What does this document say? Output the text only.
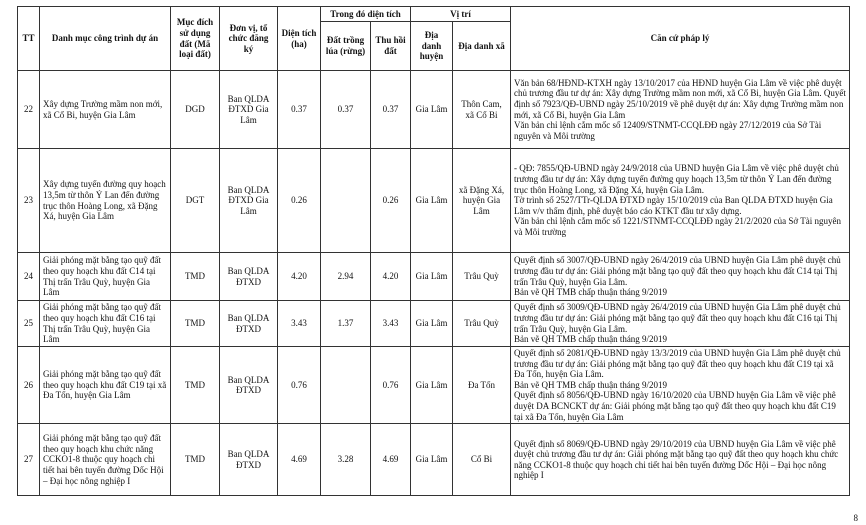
TT	Danh mục công trình dự án	Mục đích sử dụng đất (Mã loại đất)	Đơn vị, tổ chức đăng ký	Diện tích (ha)	Trong đó diện tích		Vị trí		Căn cứ pháp lý
					Đất trồng lúa (rừng)	Thu hồi đất	Địa danh huyện	Địa danh xã	
22	Xây dựng Trường mầm non mới, xã Cổ Bi, huyện Gia Lâm	DGD	Ban QLDA ĐTXD Gia Lâm	0.37	0.37	0.37	Gia Lâm	Thôn Cam, xã Cổ Bi	Văn bản 68/HĐND-KTXH ngày 13/10/2017 của HĐND huyện Gia Lâm về việc phê duyệt chủ trương đầu tư dự án: Xây dựng Trường mầm non mới, xã Cổ Bi, huyện Gia Lâm. Quyết định số 7923/QĐ-UBND ngày 25/10/2019 về phê duyệt dự án: Xây dựng Trường mầm non mới, xã Cổ Bi, huyện Gia Lâm
Văn bản chỉ lệnh cắm mốc số 12409/STNMT-CCQLĐĐ ngày 27/12/2019 của Sở Tài nguyên và Môi trường

23	Xây dựng tuyến đường quy hoạch 13,5m từ thôn Ỷ Lan đến đường trục thôn Hoàng Long, xã Đặng Xá, huyện Gia Lâm	DGT	Ban QLDA ĐTXD Gia Lâm	0.26		0.26	Gia Lâm	xã Đặng Xá, huyện Gia Lâm	- QĐ: 7855/QĐ-UBND ngày 24/9/2018 của UBND huyện Gia Lâm về việc phê duyệt chủ trương đầu tư dự án: Xây dựng tuyến đường quy hoạch 13,5m từ thôn Ỷ Lan đến đường trục thôn Hoàng Long, xã Đặng Xá, huyện Gia Lâm.
Tờ trình số 2527/TTr-QLDA ĐTXD ngày 15/10/2019 của Ban QLDA ĐTXD huyện Gia Lâm v/v thẩm định, phê duyệt báo cáo KTKT đầu tư xây dựng.
Văn bản chỉ lệnh cắm mốc số 1221/STNMT-CCQLĐĐ ngày 21/2/2020 của Sở Tài nguyên và Môi trường

24	Giải phóng mặt bằng tạo quỹ đất theo quy hoạch khu đất C14 tại Thị trấn Trâu Quỳ, huyện Gia Lâm	TMD	Ban QLDA ĐTXD	4.20	2.94	4.20	Gia Lâm	Trâu Quỳ	Quyết định số 3007/QĐ-UBND ngày 26/4/2019 của UBND huyện Gia Lâm phê duyệt chủ trương đầu tư dự án: Giải phóng mặt bằng tạo quỹ đất theo quy hoạch khu đất C14 tại Thị trấn Trâu Quỳ, huyện Gia Lâm.
Bản vẽ QH TMB chấp thuận tháng 9/2019

25	Giải phóng mặt bằng tạo quỹ đất theo quy hoạch khu đất C16 tại Thị trấn Trâu Quỳ, huyện Gia Lâm	TMD	Ban QLDA ĐTXD	3.43	1.37	3.43	Gia Lâm	Trâu Quỳ	Quyết định số 3009/QĐ-UBND ngày 26/4/2019 của UBND huyện Gia Lâm phê duyệt chủ trương đầu tư dự án: Giải phóng mặt bằng tạo quỹ đất theo quy hoạch khu đất C16 tại Thị trấn Trâu Quỳ, huyện Gia Lâm.
Bản vẽ QH TMB chấp thuận tháng 9/2019

26	Giải phóng mặt bằng tạo quỹ đất theo quy hoạch khu đất C19 tại xã Đa Tốn, huyện Gia Lâm	TMD	Ban QLDA ĐTXD	0.76		0.76	Gia Lâm	Đa Tốn	Quyết định số 2081/QĐ-UBND ngày 13/3/2019 của UBND huyện Gia Lâm phê duyệt chủ trương đầu tư dự án: Giải phóng mặt bằng tạo quỹ đất theo quy hoạch khu đất C19 tại xã Đa Tốn, huyện Gia Lâm.
Bản vẽ QH TMB chấp thuận tháng 9/2019
Quyết định số 8056/QĐ-UBND ngày 16/10/2020 của UBND huyện Gia Lâm về việc phê duyệt DA BCNCKT dự án: Giải phóng mặt bằng tạo quỹ đất theo quy hoạch khu đất C19 tại xã Đa Tốn, huyện Gia Lâm

27	Giải phóng mặt bằng tạo quỹ đất theo quy hoạch khu chức năng CCKO1-8 thuộc quy hoạch chi tiết hai bên tuyến đường Dốc Hội – Đại học nông nghiệp I	TMD	Ban QLDA ĐTXD	4.69	3.28	4.69	Gia Lâm	Cổ Bi	Quyết định số 8069/QĐ-UBND ngày 29/10/2019 của UBND huyện Gia Lâm về việc phê duyệt chủ trương đầu tư dự án: Giải phóng mặt bằng tạo quỹ đất theo quy hoạch khu chức năng CCKO1-8 thuộc quy hoạch chi tiết hai bên tuyến đường Dốc Hội – Đại học nông nghiệp I
8
